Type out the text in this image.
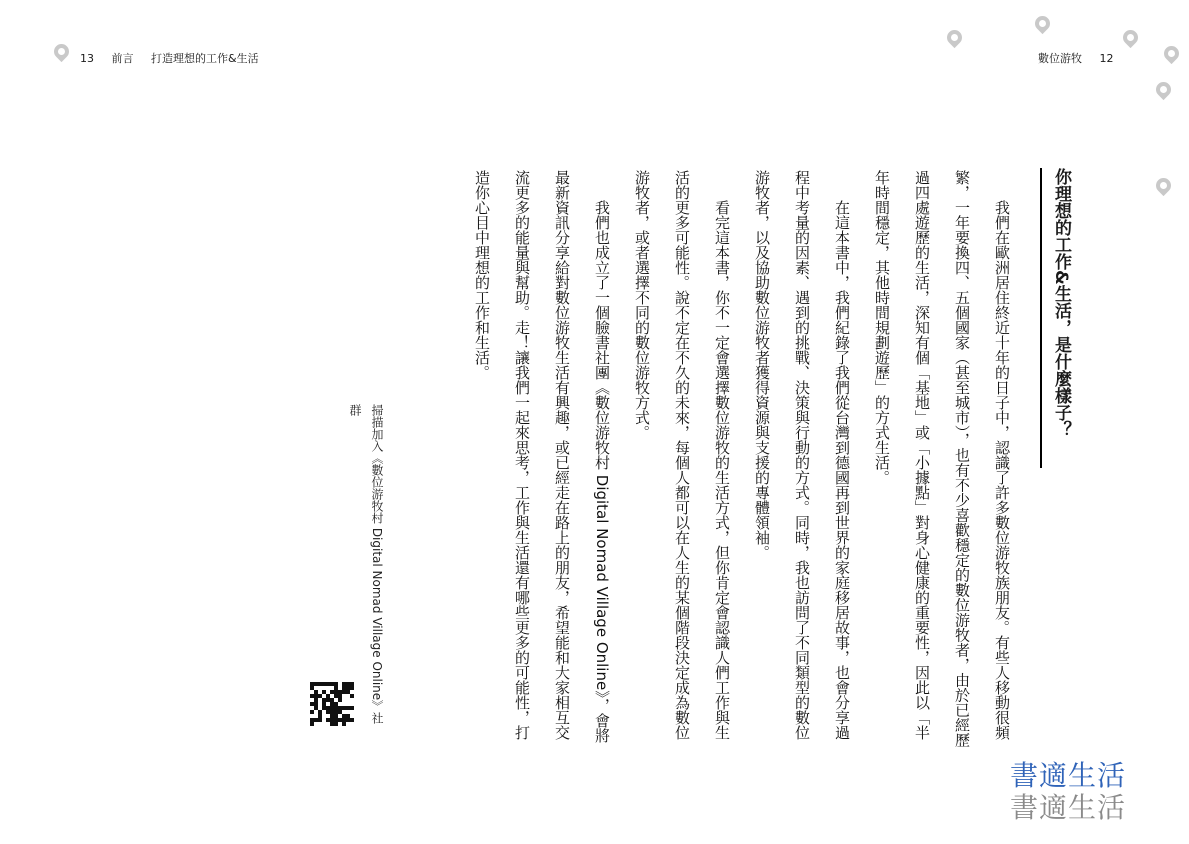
13 前言 打造理想的工作&生活	數位游牧 12
你理想的工作&生活，是什麼樣子？

我們在歐洲居住終近十年的日子中，認識了許多數位游牧族朋友。有些人移動很頻繁，一年要換四、五個國家（甚至城市），也有不少喜歡穩定的數位游牧者，由於已經歷過四處遊歷的生活，深知有個「基地」或「小據點」對身心健康的重要性，因此以「半年時間穩定，其他時間規劃遊歷」的方式生活。

在這本書中，我們紀錄了我們從台灣到德國再到世界的家庭移居故事，也會分享過程中考量的因素、遇到的挑戰、決策與行動的方式。同時，我也訪問了不同類型的數位游牧者，以及協助數位游牧者獲得資源與支援的專體領袖。

看完這本書，你不一定會選擇數位游牧的生活方式，但你肯定會認識人們工作與生活的更多可能性。說不定在不久的未來，每個人都可以在人生的某個階段決定成為數位游牧者，或者選擇不同的數位游牧方式。

我們也成立了一個臉書社團《數位游牧村 Digital Nomad Village Online》，會將最新資訊分享給對數位游牧生活有興趣，或已經走在路上的朋友，希望能和大家相互交流更多的能量與幫助。走！讓我們一起來思考，工作與生活還有哪些更多的可能性，打造你心目中理想的工作和生活。

掃描加入《數位游牧村 Digital Nomad Village Online》社群
書適生活
書適生活
